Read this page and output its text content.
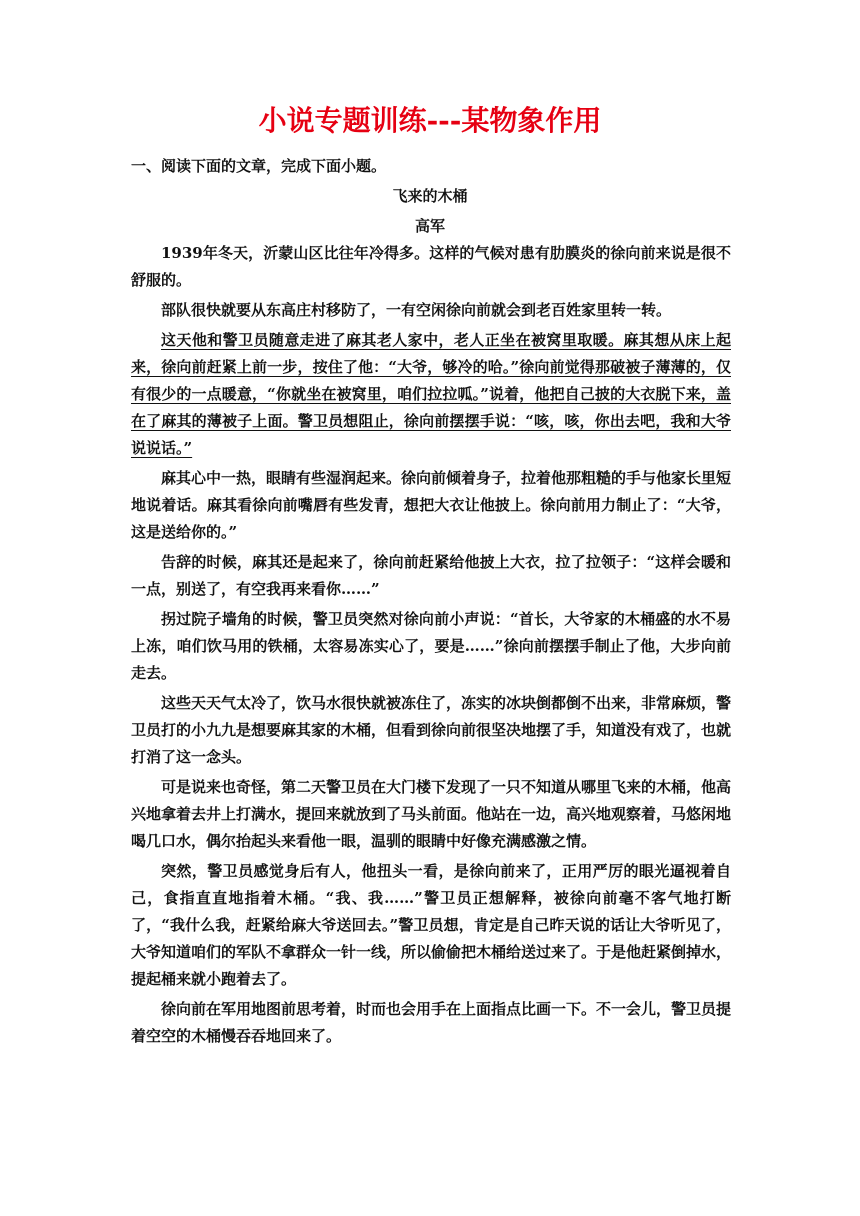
小说专题训练---某物象作用
一、阅读下面的文章，完成下面小题。
飞来的木桶
高军

1939年冬天，沂蒙山区比往年冷得多。这样的气候对患有肋膜炎的徐向前来说是很不舒服的。

部队很快就要从东高庄村移防了，一有空闲徐向前就会到老百姓家里转一转。

这天他和警卫员随意走进了麻其老人家中，老人正坐在被窝里取暖。麻其想从床上起来，徐向前赶紧上前一步，按住了他：“大爷，够冷的哈。”徐向前觉得那破被子薄薄的，仅有很少的一点暖意，“你就坐在被窝里，咱们拉拉呱。”说着，他把自己披的大衣脱下来，盖在了麻其的薄被子上面。警卫员想阻止，徐向前摆摆手说：“咳，咳，你出去吧，我和大爷说说话。”

麻其心中一热，眼睛有些湿润起来。徐向前倾着身子，拉着他那粗糙的手与他家长里短地说着话。麻其看徐向前嘴唇有些发青，想把大衣让他披上。徐向前用力制止了：“大爷，这是送给你的。”

告辞的时候，麻其还是起来了，徐向前赶紧给他披上大衣，拉了拉领子：“这样会暖和一点，别送了，有空我再来看你……”

拐过院子墙角的时候，警卫员突然对徐向前小声说：“首长，大爷家的木桶盛的水不易上冻，咱们饮马用的铁桶，太容易冻实心了，要是……”徐向前摆摆手制止了他，大步向前走去。

这些天天气太冷了，饮马水很快就被冻住了，冻实的冰块倒都倒不出来，非常麻烦，警卫员打的小九九是想要麻其家的木桶，但看到徐向前很坚决地摆了手，知道没有戏了，也就打消了这一念头。

可是说来也奇怪，第二天警卫员在大门楼下发现了一只不知道从哪里飞来的木桶，他高兴地拿着去井上打满水，提回来就放到了马头前面。他站在一边，高兴地观察着，马悠闲地喝几口水，偶尔抬起头来看他一眼，温驯的眼睛中好像充满感激之情。

突然，警卫员感觉身后有人，他扭头一看，是徐向前来了，正用严厉的眼光逼视着自己，食指直直地指着木桶。“我、我……”警卫员正想解释，被徐向前毫不客气地打断了，“我什么我，赶紧给麻大爷送回去。”警卫员想，肯定是自己昨天说的话让大爷听见了，大爷知道咱们的军队不拿群众一针一线，所以偷偷把木桶给送过来了。于是他赶紧倒掉水，提起桶来就小跑着去了。

徐向前在军用地图前思考着，时而也会用手在上面指点比画一下。不一会儿，警卫员提着空空的木桶慢吞吞地回来了。
